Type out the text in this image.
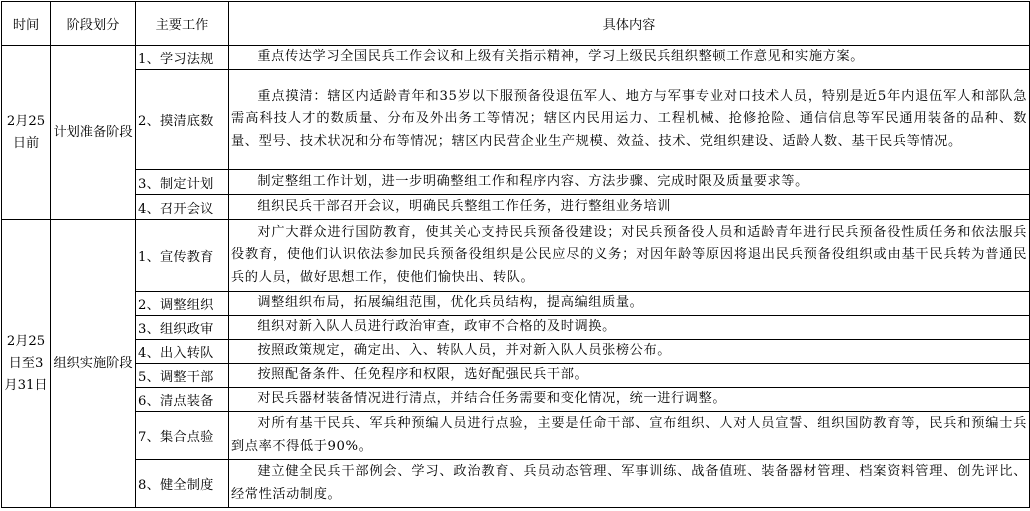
时间	阶段划分	主要工作	具体内容
2月25日前	计划准备阶段	1、学习法规	重点传达学习全国民兵工作会议和上级有关指示精神，学习上级民兵组织整顿工作意见和实施方案。

		2、摸清底数	重点摸清：辖区内适龄青年和35岁以下服预备役退伍军人、地方与军事专业对口技术人员，特别是近5年内退伍军人和部队急需高科技人才的数质量、分布及外出务工等情况；辖区内民用运力、工程机械、抢修抢险、通信信息等军民通用装备的品种、数量、型号、技术状况和分布等情况；辖区内民营企业生产规模、效益、技术、党组织建设、适龄人数、基干民兵等情况。

		3、制定计划	制定整组工作计划，进一步明确整组工作和程序内容、方法步骤、完成时限及质量要求等。

		4、召开会议	组织民兵干部召开会议，明确民兵整组工作任务，进行整组业务培训

2月25日至3月31日	组织实施阶段	1、宣传教育	对广大群众进行国防教育，使其关心支持民兵预备役建设；对民兵预备役人员和适龄青年进行民兵预备役性质任务和依法服兵役教育，使他们认识依法参加民兵预备役组织是公民应尽的义务；对因年龄等原因将退出民兵预备役组织或由基干民兵转为普通民兵的人员，做好思想工作，使他们愉快出、转队。

		2、调整组织	调整组织布局，拓展编组范围，优化兵员结构，提高编组质量。

		3、组织政审	组织对新入队人员进行政治审查，政审不合格的及时调换。

		4、出入转队	按照政策规定，确定出、入、转队人员，并对新入队人员张榜公布。

		5、调整干部	按照配备条件、任免程序和权限，选好配强民兵干部。

		6、清点装备	对民兵器材装备情况进行清点，并结合任务需要和变化情况，统一进行调整。

		7、集合点验	对所有基干民兵、军兵种预编人员进行点验，主要是任命干部、宣布组织、人对人员宣誓、组织国防教育等，民兵和预编士兵到点率不得低于90%。

		8、健全制度	建立健全民兵干部例会、学习、政治教育、兵员动态管理、军事训练、战备值班、装备器材管理、档案资料管理、创先评比、经常性活动制度。
